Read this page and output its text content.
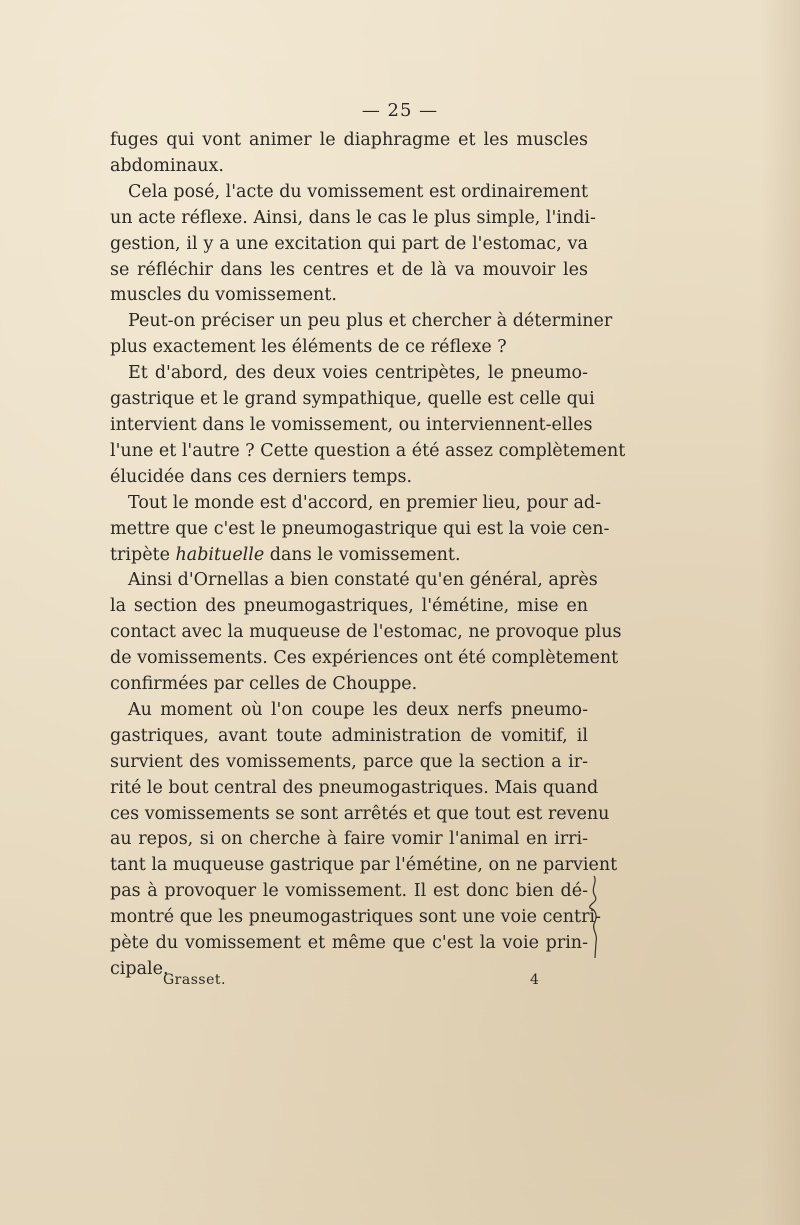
— 25 —
fuges qui vont animer le diaphragme et les muscles
abdominaux.
Cela posé, l'acte du vomissement est ordinairement
un acte réflexe. Ainsi, dans le cas le plus simple, l'indi-
gestion, il y a une excitation qui part de l'estomac, va
se réfléchir dans les centres et de là va mouvoir les
muscles du vomissement.
Peut-on préciser un peu plus et chercher à déterminer
plus exactement les éléments de ce réflexe ?
Et d'abord, des deux voies centripètes, le pneumo-
gastrique et le grand sympathique, quelle est celle qui
intervient dans le vomissement, ou interviennent-elles
l'une et l'autre ? Cette question a été assez complètement
élucidée dans ces derniers temps.
Tout le monde est d'accord, en premier lieu, pour ad-
mettre que c'est le pneumogastrique qui est la voie cen-
tripète habituelle dans le vomissement.
Ainsi d'Ornellas a bien constaté qu'en général, après
la section des pneumogastriques, l'émétine, mise en
contact avec la muqueuse de l'estomac, ne provoque plus
de vomissements. Ces expériences ont été complètement
confirmées par celles de Chouppe.
Au moment où l'on coupe les deux nerfs pneumo-
gastriques, avant toute administration de vomitif, il
survient des vomissements, parce que la section a ir-
rité le bout central des pneumogastriques. Mais quand
ces vomissements se sont arrêtés et que tout est revenu
au repos, si on cherche à faire vomir l'animal en irri-
tant la muqueuse gastrique par l'émétine, on ne parvient
pas à provoquer le vomissement. Il est donc bien dé-
montré que les pneumogastriques sont une voie centri-
pète du vomissement et même que c'est la voie prin-
cipale.
Grasset.	4
